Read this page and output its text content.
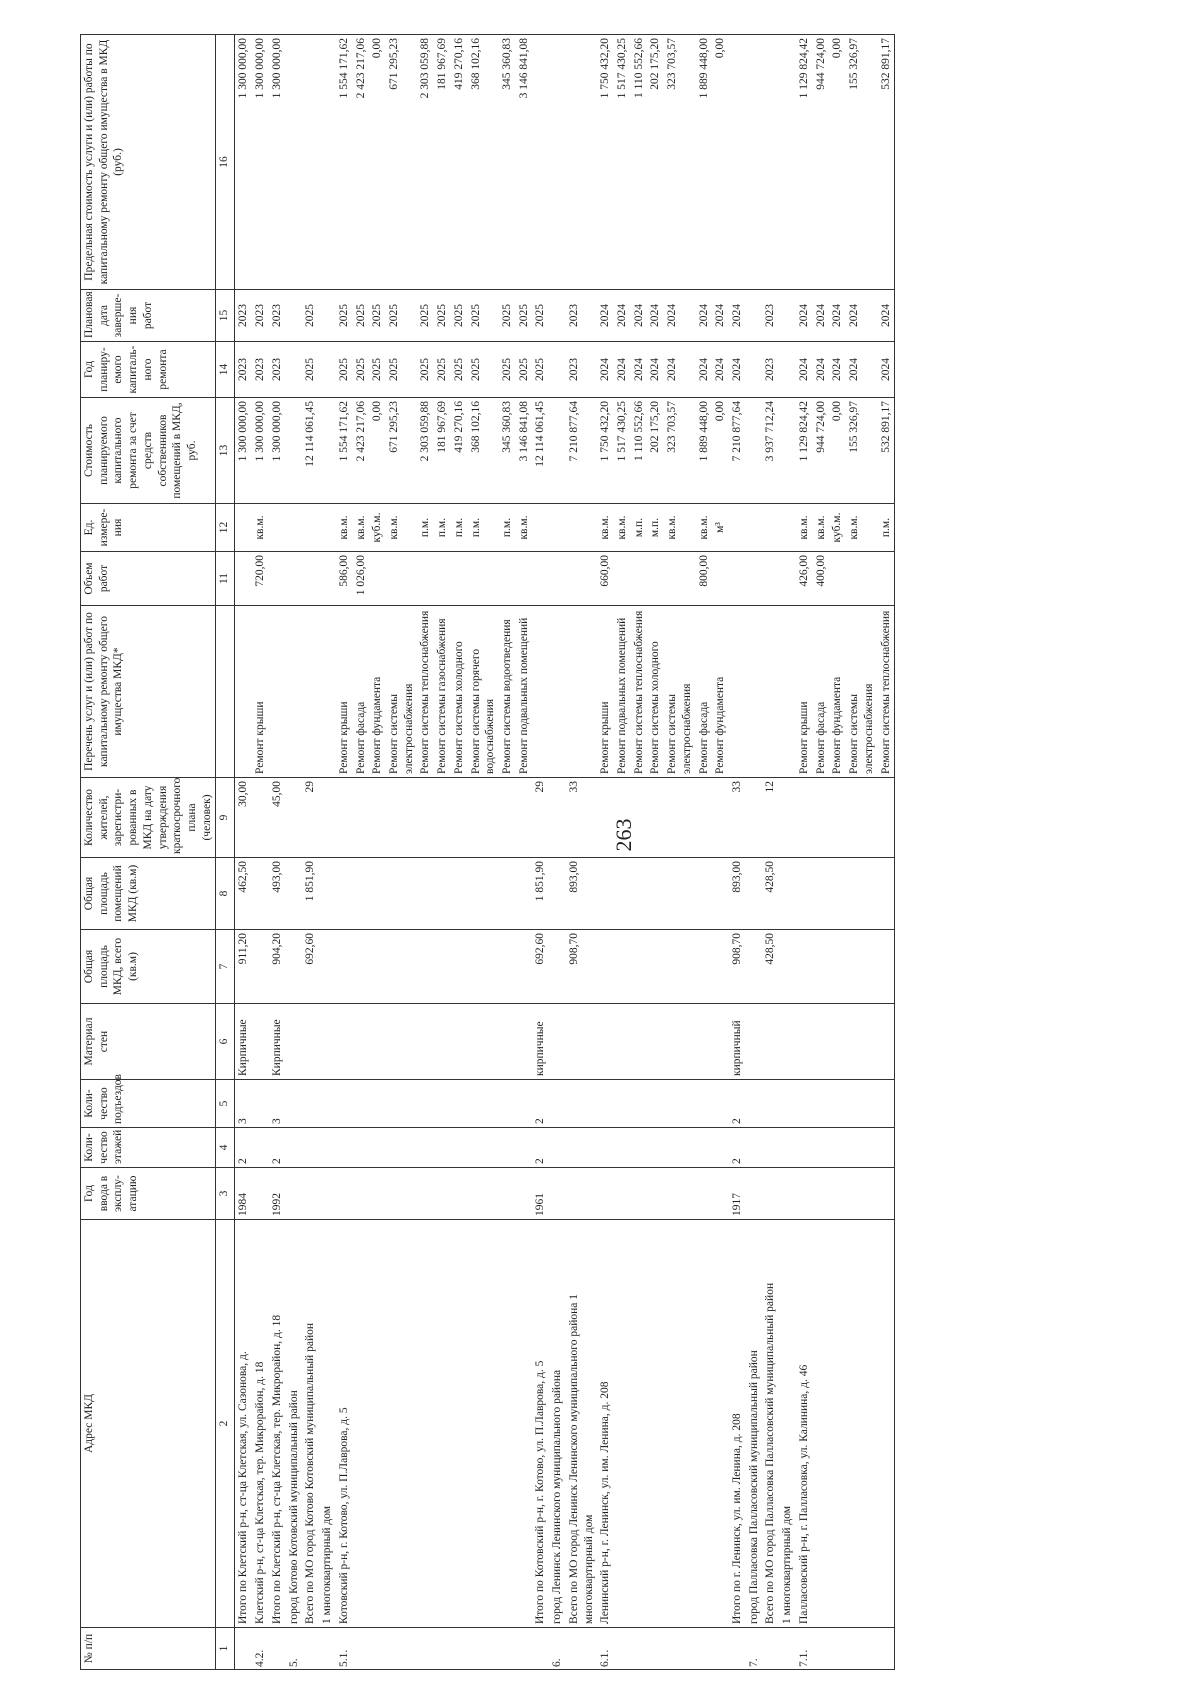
263
№ п/п	Адрес МКД	Год ввода в эксплу-атацию	Коли-чество этажей	Коли-чество подъездов	Материал стен	Общая площадь МКД, всего (кв.м)	Общая площадь помещений МКД (кв.м)	Количество жителей, зарегистри-рованных в МКД на дату утверждения краткосрочного плана (человек)	Перечень услуг и (или) работ по капитальному ремонту общего имущества МКД*	Объем работ	Ед. измере-ния	Стоимость планируемого капитального ремонта за счет средств собственников помещений в МКД, руб.	Год планиру-емого капиталь-ного ремонта	Плановая дата заверше-ния работ	Предельная стоимость услуги и (или) работы по капитальному ремонту общего имущества в МКД (руб.)
1	2	3	4	5	6	7	8	9		11	12	13	14	15	16
	Итого по Клетский р-н, ст-ца Клетская, ул. Сазонова, д.	1984	2	3	Кирпичные	911,20	462,50	30,00				1 300 000,00	2023	2023	1 300 000,00
4.2.	Клетский р-н, ст-ца Клетская, тер. Микрорайон, д. 18								Ремонт крыши	720,00	кв.м.	1 300 000,00	2023	2023	1 300 000,00
	Итого по Клетский р-н, ст-ца Клетская, тер. Микрорайон, д. 18	1992	2	3	Кирпичные	904,20	493,00	45,00				1 300 000,00	2023	2023	1 300 000,00
5.	город Котово Котовский муниципальный район														
	Всего по МО город Котово Котовский муниципальный район					692,60	1 851,90	29				12 114 061,45	2025	2025	
	1 многоквартирный дом														
5.1.	Котовский р-н, г. Котово, ул. П.Лаврова, д. 5								Ремонт крыши	586,00	кв.м.	1 554 171,62	2025	2025	1 554 171,62
									Ремонт фасада	1 026,00	кв.м.	2 423 217,06	2025	2025	2 423 217,06
									Ремонт фундамента		куб.м.	0,00	2025	2025	0,00
									Ремонт системы электроснабжения		кв.м.	671 295,23	2025	2025	671 295,23
									Ремонт системы теплоснабжения		п.м.	2 303 059,88	2025	2025	2 303 059,88
									Ремонт системы газоснабжения		п.м.	181 967,69	2025	2025	181 967,69
									Ремонт системы холодного		п.м.	419 270,16	2025	2025	419 270,16
									Ремонт системы горячего водоснабжения		п.м.	368 102,16	2025	2025	368 102,16
									Ремонт системы водоотведения		п.м.	345 360,83	2025	2025	345 360,83
									Ремонт подвальных помещений		кв.м.	3 146 841,08	2025	2025	3 146 841,08
	Итого по Котовский р-н, г. Котово, ул. П.Лаврова, д. 5	1961	2	2	кирпичные	692,60	1 851,90	29				12 114 061,45	2025	2025	
6.	город Ленинск Ленинского муниципального района														
	Всего по МО город Ленинск Ленинского муниципального района 1 многоквартирный дом					908,70	893,00	33				7 210 877,64	2023	2023	
6.1.	Ленинский р-н, г. Ленинск, ул. им. Ленина, д. 208								Ремонт крыши	660,00	кв.м.	1 750 432,20	2024	2024	1 750 432,20
									Ремонт подвальных помещений		кв.м.	1 517 430,25	2024	2024	1 517 430,25
									Ремонт системы теплоснабжения		м.п.	1 110 552,66	2024	2024	1 110 552,66
									Ремонт системы холодного		м.п.	202 175,20	2024	2024	202 175,20
									Ремонт системы электроснабжения		кв.м.	323 703,57	2024	2024	323 703,57
									Ремонт фасада	800,00	кв.м.	1 889 448,00	2024	2024	1 889 448,00
									Ремонт фундамента		м³	0,00	2024	2024	0,00
	Итого по г. Ленинск, ул. им. Ленина, д. 208	1917	2	2	кирпичный	908,70	893,00	33				7 210 877,64	2024	2024	
7.	город Палласовка Палласовский муниципальный район														
	Всего по МО город Палласовка Палласовский муниципальный район					428,50	428,50	12				3 937 712,24	2023	2023	
	1 многоквартирный дом														
7.1.	Палласовский р-н, г. Палласовка, ул. Калинина, д. 46								Ремонт крыши	426,00	кв.м.	1 129 824,42	2024	2024	1 129 824,42
									Ремонт фасада	400,00	кв.м.	944 724,00	2024	2024	944 724,00
									Ремонт фундамента		куб.м.	0,00	2024	2024	0,00
									Ремонт системы электроснабжения		кв.м.	155 326,97	2024	2024	155 326,97
									Ремонт системы теплоснабжения		п.м.	532 891,17	2024	2024	532 891,17
